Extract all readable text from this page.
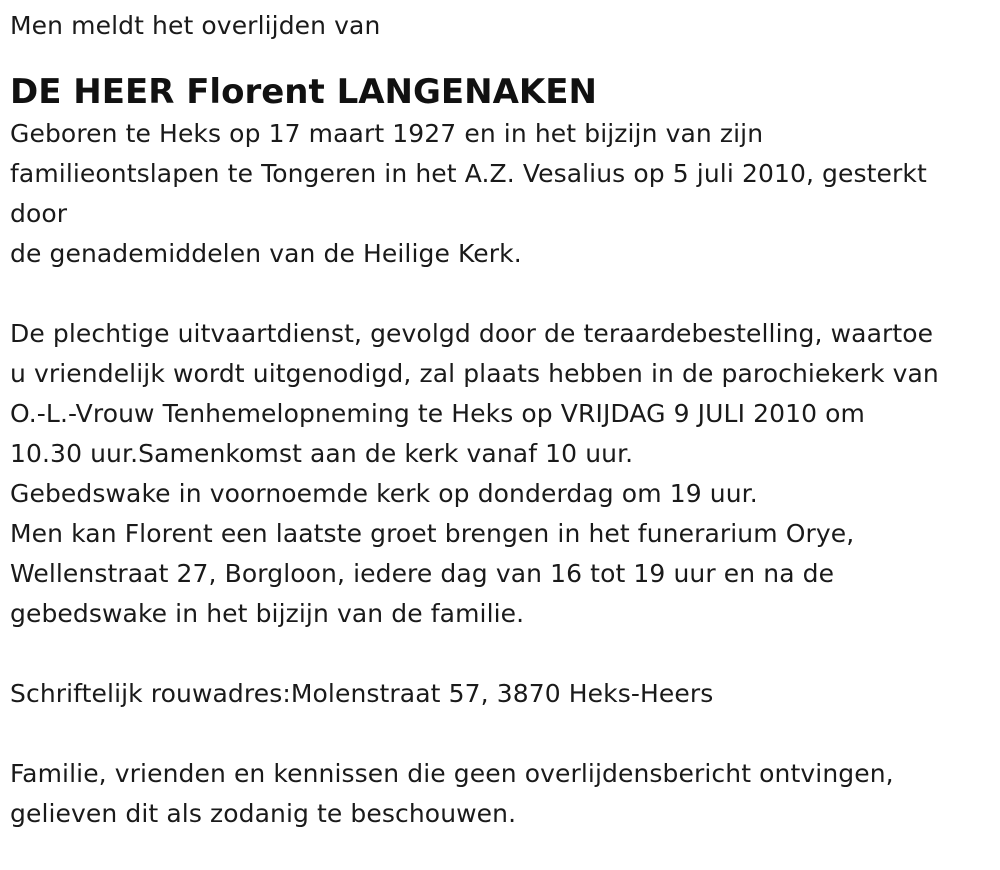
Men meldt het overlijden van
DE HEER Florent LANGENAKEN
Geboren te Heks op 17 maart 1927 en in het bijzijn van zijn
familieontslapen te Tongeren in het A.Z. Vesalius op 5 juli 2010, gesterkt
door
de genademiddelen van de Heilige Kerk.
De plechtige uitvaartdienst, gevolgd door de teraardebestelling, waartoe
u vriendelijk wordt uitgenodigd, zal plaats hebben in de parochiekerk van
O.-L.-Vrouw Tenhemelopneming te Heks op VRIJDAG 9 JULI 2010 om
10.30 uur.Samenkomst aan de kerk vanaf 10 uur.
Gebedswake in voornoemde kerk op donderdag om 19 uur.
Men kan Florent een laatste groet brengen in het funerarium Orye,
Wellenstraat 27, Borgloon, iedere dag van 16 tot 19 uur en na de
gebedswake in het bijzijn van de familie.
Schriftelijk rouwadres:Molenstraat 57, 3870 Heks-Heers
Familie, vrienden en kennissen die geen overlijdensbericht ontvingen,
gelieven dit als zodanig te beschouwen.
